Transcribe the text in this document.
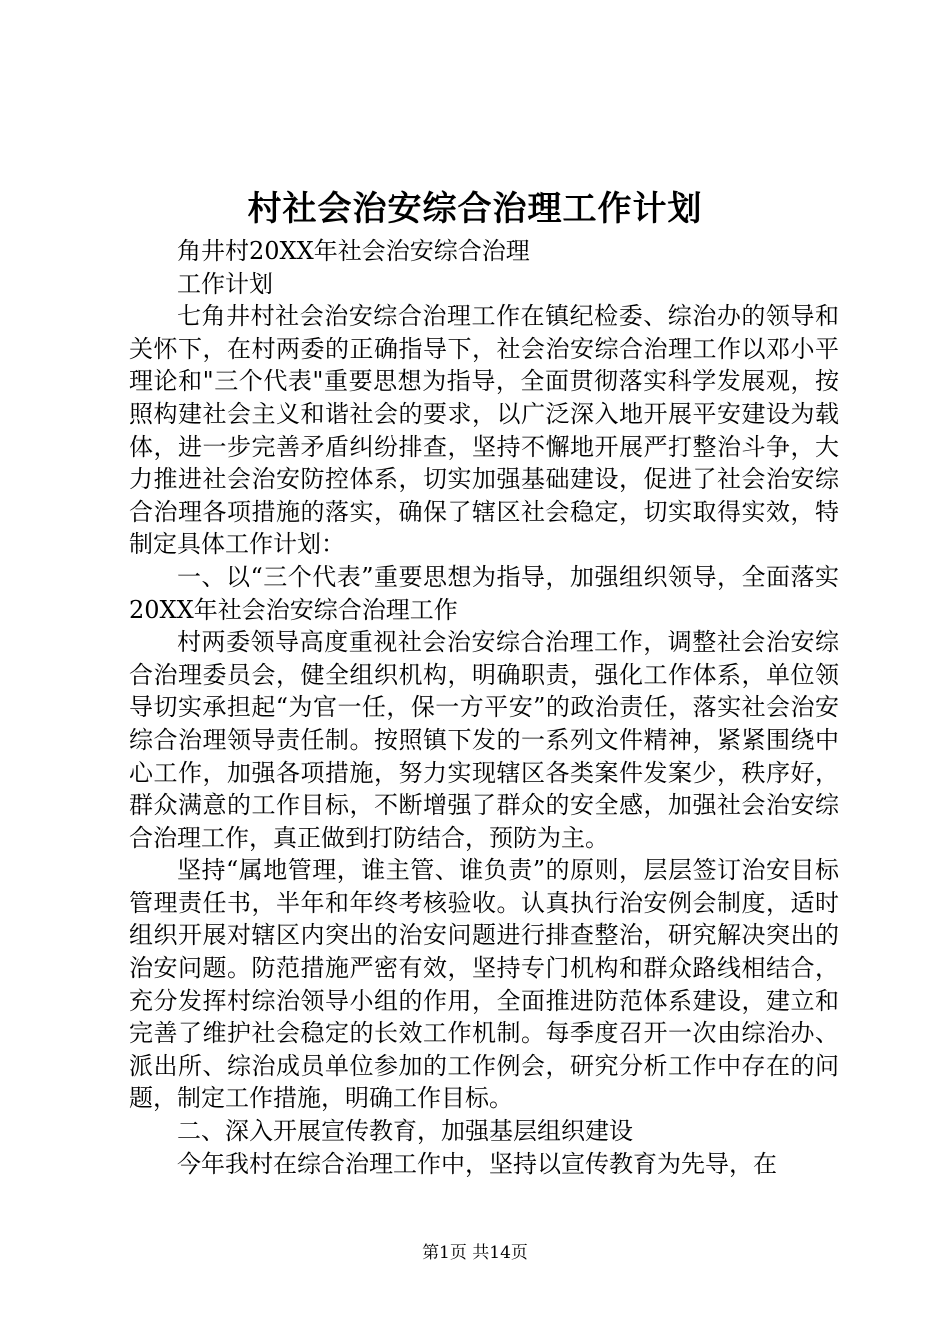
村社会治安综合治理工作计划

角井村20XX年社会治安综合治理

工作计划

七角井村社会治安综合治理工作在镇纪检委、综治办的领导和关怀下，在村两委的正确指导下，社会治安综合治理工作以邓小平理论和"三个代表"重要思想为指导，全面贯彻落实科学发展观，按照构建社会主义和谐社会的要求，以广泛深入地开展平安建设为载体，进一步完善矛盾纠纷排查，坚持不懈地开展严打整治斗争，大力推进社会治安防控体系，切实加强基础建设，促进了社会治安综合治理各项措施的落实，确保了辖区社会稳定，切实取得实效，特制定具体工作计划：

一、以“三个代表”重要思想为指导，加强组织领导，全面落实20XX年社会治安综合治理工作

村两委领导高度重视社会治安综合治理工作，调整社会治安综合治理委员会，健全组织机构，明确职责，强化工作体系，单位领导切实承担起“为官一任，保一方平安”的政治责任，落实社会治安综合治理领导责任制。按照镇下发的一系列文件精神，紧紧围绕中心工作，加强各项措施，努力实现辖区各类案件发案少，秩序好，群众满意的工作目标，不断增强了群众的安全感，加强社会治安综合治理工作，真正做到打防结合，预防为主。

坚持“属地管理，谁主管、谁负责”的原则，层层签订治安目标管理责任书，半年和年终考核验收。认真执行治安例会制度，适时组织开展对辖区内突出的治安问题进行排查整治，研究解决突出的治安问题。防范措施严密有效，坚持专门机构和群众路线相结合，充分发挥村综治领导小组的作用，全面推进防范体系建设，建立和完善了维护社会稳定的长效工作机制。每季度召开一次由综治办、派出所、综治成员单位参加的工作例会，研究分析工作中存在的问题，制定工作措施，明确工作目标。

二、深入开展宣传教育，加强基层组织建设

今年我村在综合治理工作中，坚持以宣传教育为先导，在

第1页 共14页
